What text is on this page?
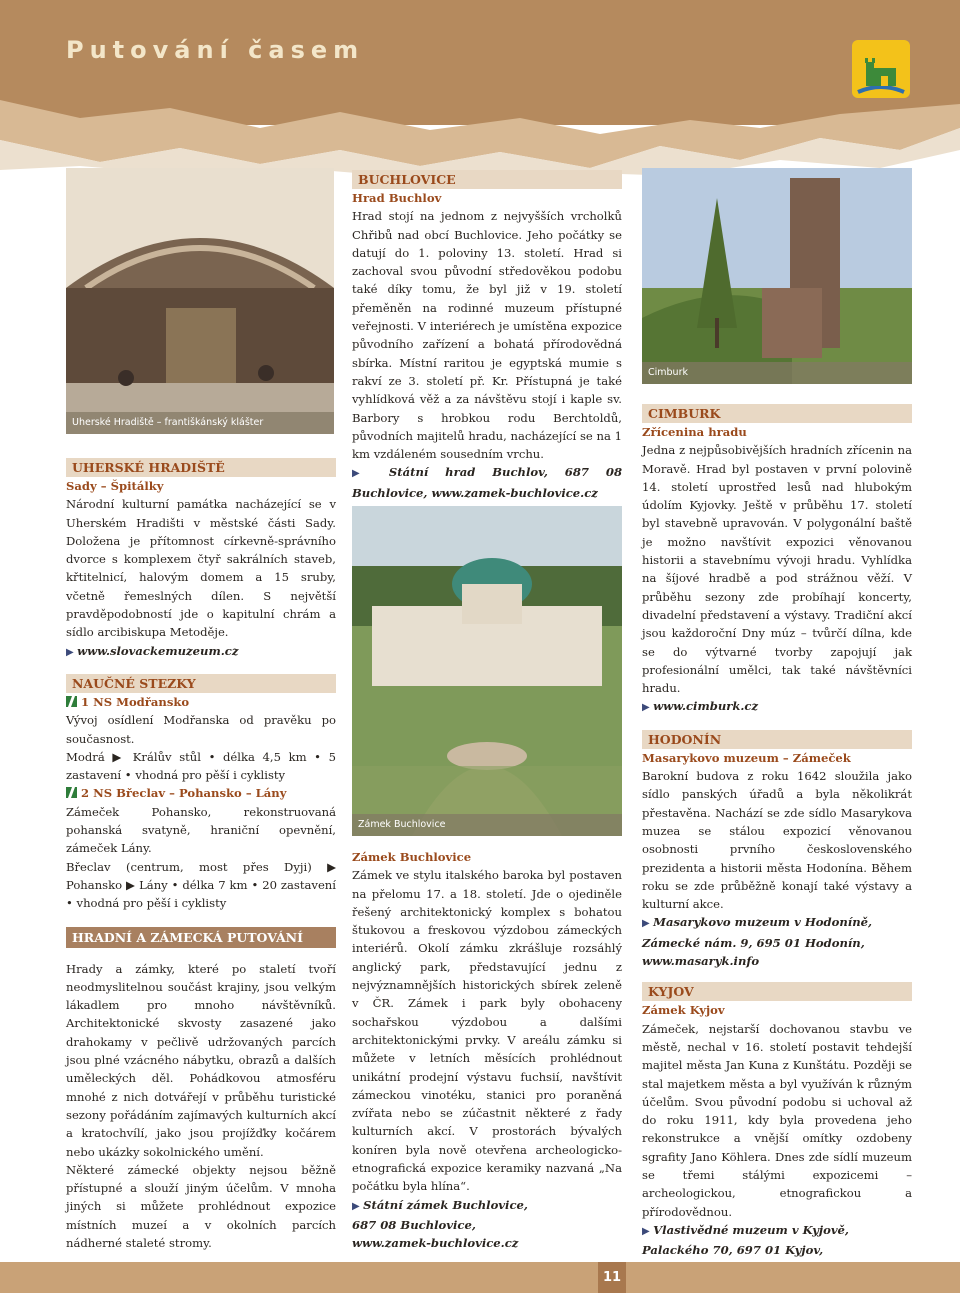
Putování časem
Uherské Hradiště – františkánský klášter
UHERSKÉ HRADIŠTĚ
Sady – Špitálky

Národní kulturní památka nacházející se v Uherském Hradišti v městské části Sady. Doložena je přítomnost církevně-správního dvorce s komplexem čtyř sakrálních staveb, křtitelnicí, halovým domem a 15 sruby, včetně řemeslných dílen. S největší pravděpodobností jde o kapitulní chrám a sídlo arcibiskupa Metoděje.

▶ www.slovackemuzeum.cz
NAUČNÉ STEZKY
1 NS Modřansko

Vývoj osídlení Modřanska od pravěku po současnost.

Modrá ▶ Králův stůl • délka 4,5 km • 5 zastavení • vhodná pro pěší i cyklisty

2 NS Břeclav – Pohansko – Lány

Zámeček Pohansko, rekonstruovaná pohanská svatyně, hraniční opevnění, zámeček Lány.

Břeclav (centrum, most přes Dyji) ▶ Pohansko ▶ Lány • délka 7 km • 20 zastavení • vhodná pro pěší i cyklisty

HRADNÍ A ZÁMECKÁ PUTOVÁNÍ

Hrady a zámky, které po staletí tvoří neodmyslitelnou součást krajiny, jsou velkým lákadlem pro mnoho návštěvníků. Architektonické skvosty zasazené jako drahokamy v pečlivě udržovaných parcích jsou plné vzácného nábytku, obrazů a dalších uměleckých děl. Pohádkovou atmosféru mnohé z nich dotvářejí v průběhu turistické sezony pořádáním zajímavých kulturních akcí a kratochvílí, jako jsou projížďky kočárem nebo ukázky sokolnického umění.

Některé zámecké objekty nejsou běžně přístupné a slouží jiným účelům. V mnoha jiných si můžete prohlédnout expozice místních muzeí a v okolních parcích nádherné staleté stromy.

BUCHLOVICE
Hrad Buchlov

Hrad stojí na jednom z nejvyšších vrcholků Chřibů nad obcí Buchlovice. Jeho počátky se datují do 1. poloviny 13. století. Hrad si zachoval svou původní středověkou podobu také díky tomu, že byl již v 19. století přeměněn na rodinné muzeum přístupné veřejnosti. V interiérech je umístěna expozice původního zařízení a bohatá přírodovědná sbírka. Místní raritou je egyptská mumie s rakví ze 3. století př. Kr. Přístupná je také vyhlídková věž a za návštěvu stojí i kaple sv. Barbory s hrobkou rodu Berchtoldů, původních majitelů hradu, nacházející se na 1 km vzdáleném sousedním vrchu.

▶ Státní hrad Buchlov, 687 08 Buchlovice, www.zamek-buchlovice.cz
Zámek Buchlovice
Zámek Buchlovice

Zámek ve stylu italského baroka byl postaven na přelomu 17. a 18. století. Jde o ojediněle řešený architektonický komplex s bohatou štukovou a freskovou výzdobou zámeckých interiérů. Okolí zámku zkrášluje rozsáhlý anglický park, představující jednu z nejvýznamnějších historických sbírek zeleně v ČR. Zámek i park byly obohaceny sochařskou výzdobou a dalšími architektonickými prvky. V areálu zámku si můžete v letních měsících prohlédnout unikátní prodejní výstavu fuchsií, navštívit zámeckou vinotéku, stanici pro poraněná zvířata nebo se zúčastnit některé z řady kulturních akcí. V prostorách bývalých koníren byla nově otevřena archeologicko-etnografická expozice keramiky nazvaná „Na počátku byla hlína“.

▶ Státní zámek Buchlovice,
687 08 Buchlovice,
www.zamek-buchlovice.cz
Cimburk
CIMBURK
Zřícenina hradu

Jedna z nejpůsobivějších hradních zřícenin na Moravě. Hrad byl postaven v první polovině 14. století uprostřed lesů nad hlubokým údolím Kyjovky. Ještě v průběhu 17. století byl stavebně upravován. V polygonální baště je možno navštívit expozici věnovanou historii a stavebnímu vývoji hradu. Vyhlídka na šíjové hradbě a pod strážnou věží. V průběhu sezony zde probíhají koncerty, divadelní představení a výstavy. Tradiční akcí jsou každoroční Dny múz – tvůrčí dílna, kde se do výtvarné tvorby zapojují jak profesionální umělci, tak také návštěvníci hradu.

▶ www.cimburk.cz
HODONÍN
Masarykovo muzeum – Zámeček

Barokní budova z roku 1642 sloužila jako sídlo panských úřadů a byla několikrát přestavěna. Nachází se zde sídlo Masarykova muzea se stálou expozicí věnovanou osobnosti prvního československého prezidenta a historii města Hodonína. Během roku se zde průběžně konají také výstavy a kulturní akce.

▶ Masarykovo muzeum v Hodoníně,
Zámecké nám. 9, 695 01 Hodonín,
www.masaryk.info
KYJOV
Zámek Kyjov

Zámeček, nejstarší dochovanou stavbu ve městě, nechal v 16. století postavit tehdejší majitel města Jan Kuna z Kunštátu. Později se stal majetkem města a byl využíván k různým účelům. Svou původní podobu si uchoval až do roku 1911, kdy byla provedena jeho rekonstrukce a vnější omítky ozdobeny sgrafity Jano Köhlera. Dnes zde sídlí muzeum se třemi stálými expozicemi – archeologickou, etnografickou a přírodovědnou.

▶ Vlastivědné muzeum v Kyjově,
Palackého 70, 697 01 Kyjov,
11
